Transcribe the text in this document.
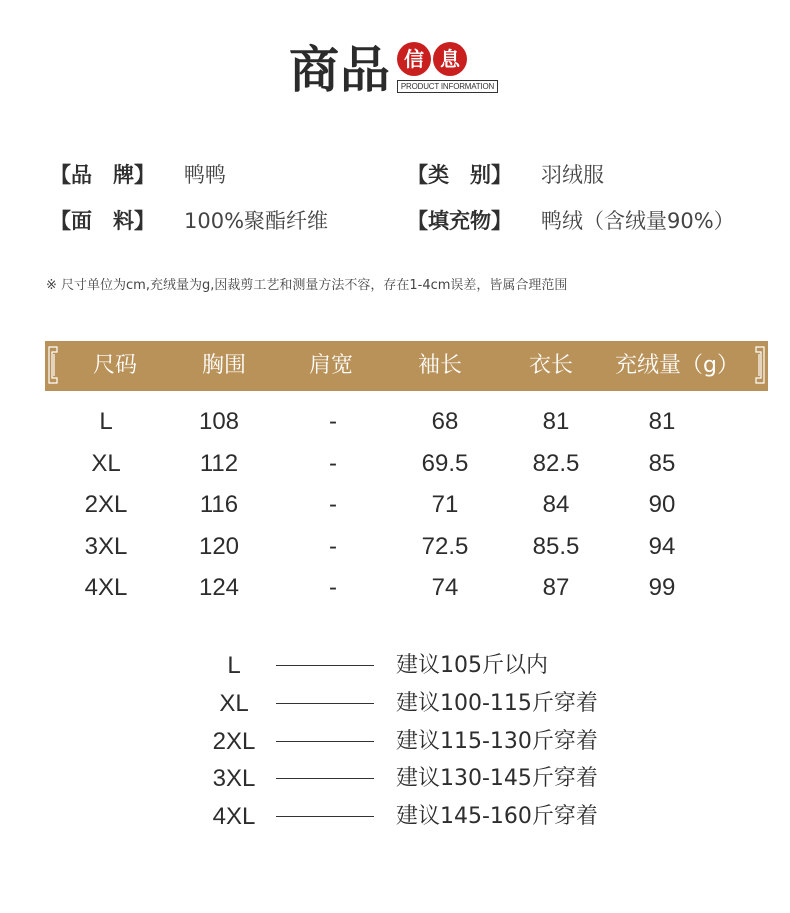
商品 信 息
PRODUCT INFORMATION
【品　牌】 鸭鸭	【类　别】 羽绒服
【面　料】 100%聚酯纤维	【填充物】 鸭绒（含绒量90%）
※ 尺寸单位为cm,充绒量为g,因裁剪工艺和测量方法不容，存在1-4cm误差，皆属合理范围
尺码	胸围	肩宽	袖长	衣长	充绒量（g）
L	108	-	68	81	81
XL	112	-	69.5	82.5	85
2XL	116	-	71	84	90
3XL	120	-	72.5	85.5	94
4XL	124	-	74	87	99
L	建议105斤以内
XL	建议100-115斤穿着
2XL	建议115-130斤穿着
3XL	建议130-145斤穿着
4XL	建议145-160斤穿着
